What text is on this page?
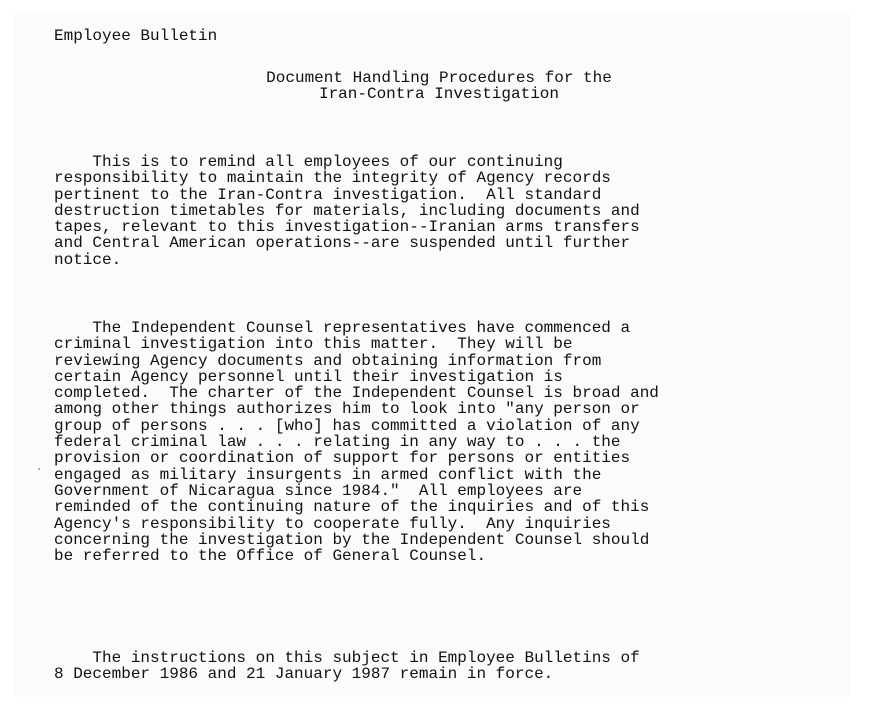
Employee Bulletin
Document Handling Procedures for the
Iran-Contra Investigation
This is to remind all employees of our continuing
responsibility to maintain the integrity of Agency records
pertinent to the Iran-Contra investigation.  All standard
destruction timetables for materials, including documents and
tapes, relevant to this investigation--Iranian arms transfers
and Central American operations--are suspended until further
notice.
The Independent Counsel representatives have commenced a
criminal investigation into this matter.  They will be
reviewing Agency documents and obtaining information from
certain Agency personnel until their investigation is
completed.  The charter of the Independent Counsel is broad and
among other things authorizes him to look into "any person or
group of persons . . . [who] has committed a violation of any
federal criminal law . . . relating in any way to . . . the
provision or coordination of support for persons or entities
engaged as military insurgents in armed conflict with the
Government of Nicaragua since 1984."  All employees are
reminded of the continuing nature of the inquiries and of this
Agency's responsibility to cooperate fully.  Any inquiries
concerning the investigation by the Independent Counsel should
be referred to the Office of General Counsel.
The instructions on this subject in Employee Bulletins of
8 December 1986 and 21 January 1987 remain in force.
